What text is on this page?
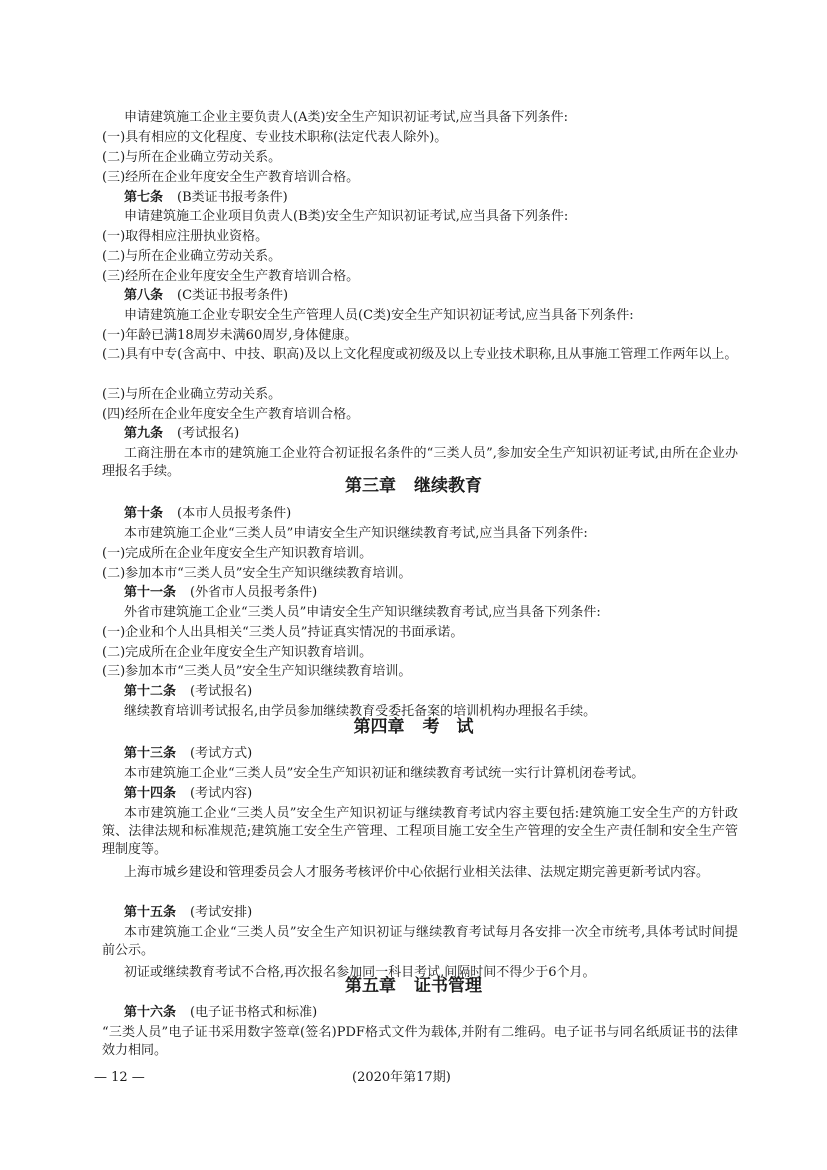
申请建筑施工企业主要负责人(A类)安全生产知识初证考试,应当具备下列条件:
(一)具有相应的文化程度、专业技术职称(法定代表人除外)。
(二)与所在企业确立劳动关系。
(三)经所在企业年度安全生产教育培训合格。
第七条 (B类证书报考条件)
申请建筑施工企业项目负责人(B类)安全生产知识初证考试,应当具备下列条件:
(一)取得相应注册执业资格。
(二)与所在企业确立劳动关系。
(三)经所在企业年度安全生产教育培训合格。
第八条 (C类证书报考条件)
申请建筑施工企业专职安全生产管理人员(C类)安全生产知识初证考试,应当具备下列条件:
(一)年龄已满18周岁未满60周岁,身体健康。
(二)具有中专(含高中、中技、职高)及以上文化程度或初级及以上专业技术职称,且从事施工管理工作两年以上。
(三)与所在企业确立劳动关系。
(四)经所在企业年度安全生产教育培训合格。
第九条 (考试报名)
工商注册在本市的建筑施工企业符合初证报名条件的“三类人员”,参加安全生产知识初证考试,由所在企业办理报名手续。
第三章 继续教育
第十条 (本市人员报考条件)
本市建筑施工企业“三类人员”申请安全生产知识继续教育考试,应当具备下列条件:
(一)完成所在企业年度安全生产知识教育培训。
(二)参加本市“三类人员”安全生产知识继续教育培训。
第十一条 (外省市人员报考条件)
外省市建筑施工企业“三类人员”申请安全生产知识继续教育考试,应当具备下列条件:
(一)企业和个人出具相关“三类人员”持证真实情况的书面承诺。
(二)完成所在企业年度安全生产知识教育培训。
(三)参加本市“三类人员”安全生产知识继续教育培训。
第十二条 (考试报名)
继续教育培训考试报名,由学员参加继续教育受委托备案的培训机构办理报名手续。
第四章 考　试
第十三条 (考试方式)
本市建筑施工企业“三类人员”安全生产知识初证和继续教育考试统一实行计算机闭卷考试。
第十四条 (考试内容)
本市建筑施工企业“三类人员”安全生产知识初证与继续教育考试内容主要包括:建筑施工安全生产的方针政策、法律法规和标准规范;建筑施工安全生产管理、工程项目施工安全生产管理的安全生产责任制和安全生产管理制度等。
上海市城乡建设和管理委员会人才服务考核评价中心依据行业相关法律、法规定期完善更新考试内容。
第十五条 (考试安排)
本市建筑施工企业“三类人员”安全生产知识初证与继续教育考试每月各安排一次全市统考,具体考试时间提前公示。
初证或继续教育考试不合格,再次报名参加同一科目考试,间隔时间不得少于6个月。
第五章 证书管理
第十六条 (电子证书格式和标准)
“三类人员”电子证书采用数字签章(签名)PDF格式文件为载体,并附有二维码。电子证书与同名纸质证书的法律效力相同。
— 12 —	(2020年第17期)
